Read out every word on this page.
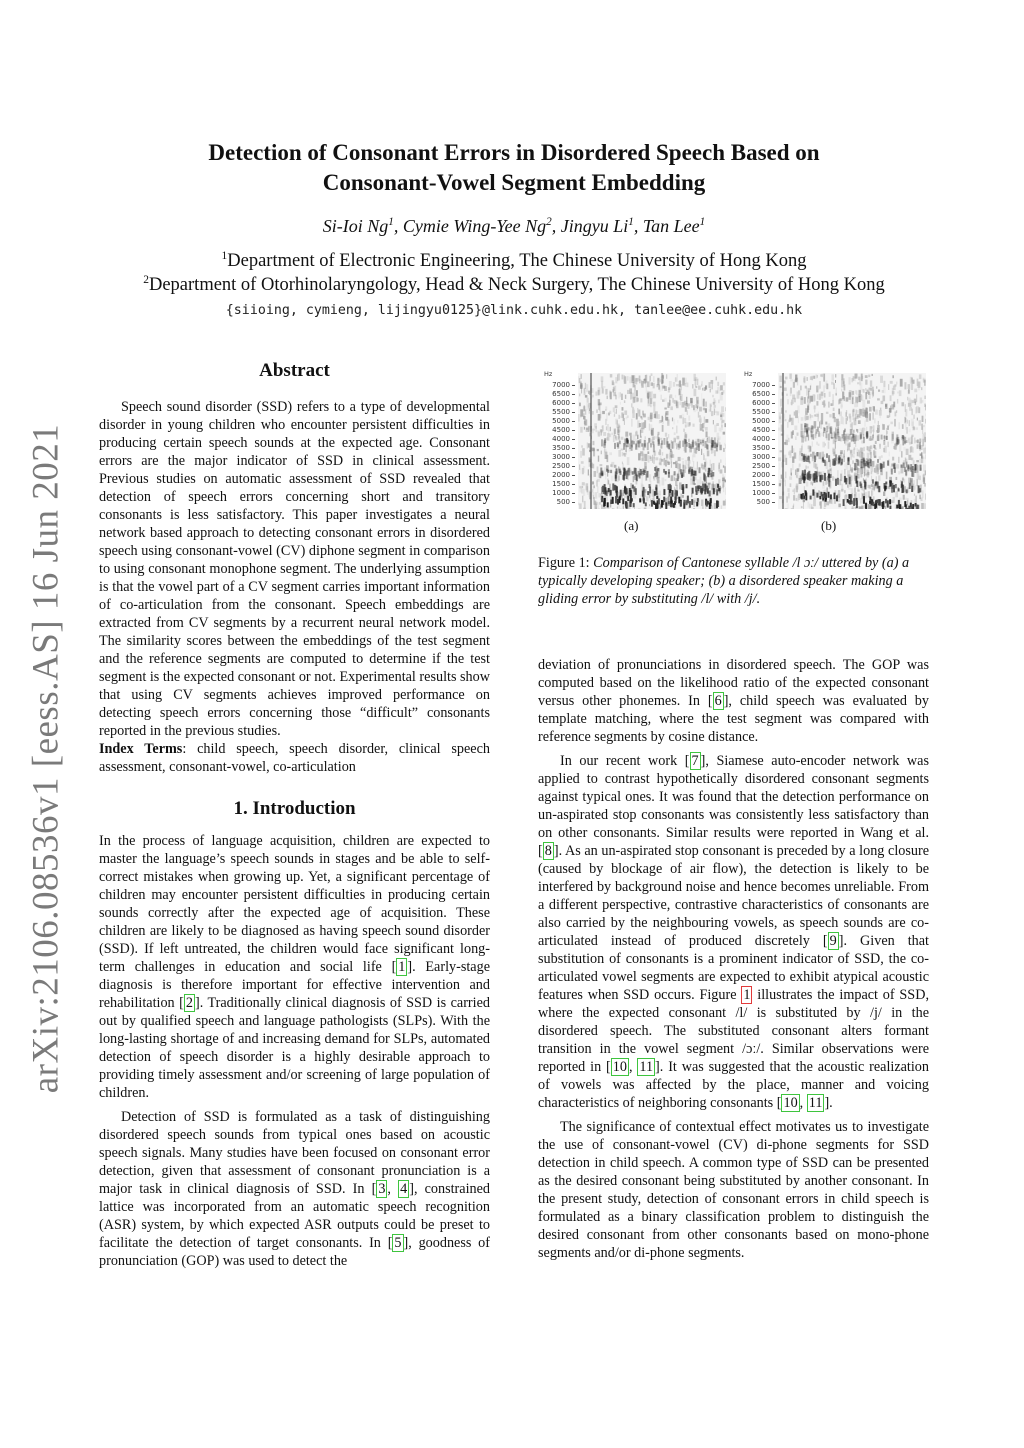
arXiv:2106.08536v1 [eess.AS] 16 Jun 2021
Detection of Consonant Errors in Disordered Speech Based on
Consonant-Vowel Segment Embedding
Si-Ioi Ng$^1$, Cymie Wing-Yee Ng$^2$, Jingyu Li$^1$, Tan Lee$^1$
$^1$Department of Electronic Engineering, The Chinese University of Hong Kong
$^2$Department of Otorhinolaryngology, Head & Neck Surgery, The Chinese University of Hong Kong
{siioing, cymieng, lijingyu0125}@link.cuhk.edu.hk, tanlee@ee.cuhk.edu.hk
Abstract

Speech sound disorder (SSD) refers to a type of developmental disorder in young children who encounter persistent difficulties in producing certain speech sounds at the expected age. Consonant errors are the major indicator of SSD in clinical assessment. Previous studies on automatic assessment of SSD revealed that detection of speech errors concerning short and transitory consonants is less satisfactory. This paper investigates a neural network based approach to detecting consonant errors in disordered speech using consonant-vowel (CV) diphone segment in comparison to using consonant monophone segment. The underlying assumption is that the vowel part of a CV segment carries important information of co-articulation from the consonant. Speech embeddings are extracted from CV segments by a recurrent neural network model. The similarity scores between the embeddings of the test segment and the reference segments are computed to determine if the test segment is the expected consonant or not. Experimental results show that using CV segments achieves improved performance on detecting speech errors concerning those “difficult” consonants reported in the previous studies.

Index Terms: child speech, speech disorder, clinical speech assessment, consonant-vowel, co-articulation

1. Introduction

In the process of language acquisition, children are expected to master the language’s speech sounds in stages and be able to self-correct mistakes when growing up. Yet, a significant percentage of children may encounter persistent difficulties in producing certain sounds correctly after the expected age of acquisition. These children are likely to be diagnosed as having speech sound disorder (SSD). If left untreated, the children would face significant long-term challenges in education and social life [ 1 ]. Early-stage diagnosis is therefore important for effective intervention and rehabilitation [ 2 ]. Traditionally clinical diagnosis of SSD is carried out by qualified speech and language pathologists (SLPs). With the long-lasting shortage of and increasing demand for SLPs, automated detection of speech disorder is a highly desirable approach to providing timely assessment and/or screening of large population of children.

Detection of SSD is formulated as a task of distinguishing disordered speech sounds from typical ones based on acoustic speech signals. Many studies have been focused on consonant error detection, given that assessment of consonant pronunciation is a major task in clinical diagnosis of SSD. In [ 3 , 4 ], constrained lattice was incorporated from an automatic speech recognition (ASR) system, by which expected ASR outputs could be preset to facilitate the detection of target consonants. In [ 5 ], goodness of pronunciation (GOP) was used to detect the

Hz
7000
6500
6000
5500
5000
4500
4000
3500
3000
2500
2000
1500
1000
500
Hz
7000
6500
6000
5500
5000
4500
4000
3500
3000
2500
2000
1500
1000
500
(a)	(b)
Figure 1: Comparison of Cantonese syllable /l ɔː/ uttered by (a) a typically developing speaker; (b) a disordered speaker making a gliding error by substituting /l/ with /j/.

deviation of pronunciations in disordered speech. The GOP was computed based on the likelihood ratio of the expected consonant versus other phonemes. In [ 6 ], child speech was evaluated by template matching, where the test segment was compared with reference segments by cosine distance.

In our recent work [ 7 ], Siamese auto-encoder network was applied to contrast hypothetically disordered consonant segments against typical ones. It was found that the detection performance on un-aspirated stop consonants was consistently less satisfactory than on other consonants. Similar results were reported in Wang et al. [ 8 ]. As an un-aspirated stop consonant is preceded by a long closure (caused by blockage of air flow), the detection is likely to be interfered by background noise and hence becomes unreliable. From a different perspective, contrastive characteristics of consonants are also carried by the neighbouring vowels, as speech sounds are co-articulated instead of produced discretely [ 9 ]. Given that substitution of consonants is a prominent indicator of SSD, the co-articulated vowel segments are expected to exhibit atypical acoustic features when SSD occurs. Figure 1 illustrates the impact of SSD, where the expected consonant /l/ is substituted by /j/ in the disordered speech. The substituted consonant alters formant transition in the vowel segment /ɔː/. Similar observations were reported in [ 10 , 11 ]. It was suggested that the acoustic realization of vowels was affected by the place, manner and voicing characteristics of neighboring consonants [ 10 , 11 ].

The significance of contextual effect motivates us to investigate the use of consonant-vowel (CV) di-phone segments for SSD detection in child speech. A common type of SSD can be presented as the desired consonant being substituted by another consonant. In the present study, detection of consonant errors in child speech is formulated as a binary classification problem to distinguish the desired consonant from other consonants based on mono-phone segments and/or di-phone segments.
